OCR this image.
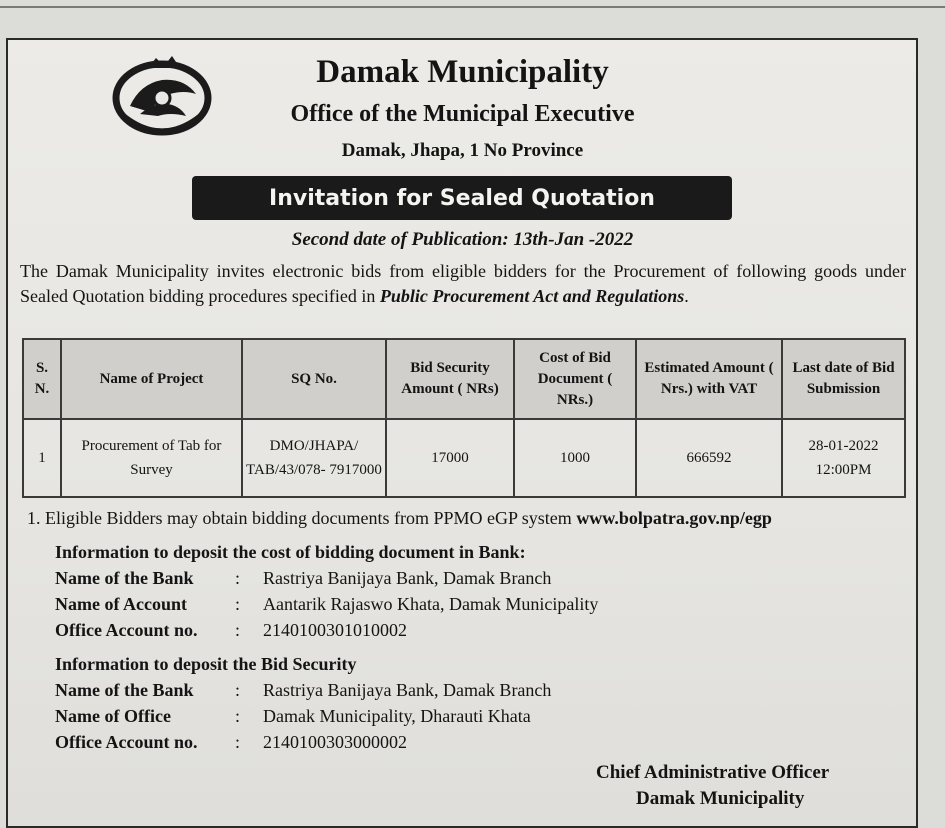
Damak Municipality
Office of the Municipal Executive
Damak, Jhapa, 1 No Province
Invitation for Sealed Quotation
Second date of Publication: 13th-Jan -2022
The Damak Municipality invites electronic bids from eligible bidders for the Procurement of following goods under Sealed Quotation bidding procedures specified in Public Procurement Act and Regulations.
S. N.	Name of Project	SQ No.	Bid Security Amount ( NRs)	Cost of Bid Document ( NRs.)	Estimated Amount ( Nrs.) with VAT	Last date of Bid Submission
1	Procurement of Tab for Survey	DMO/JHAPA/ TAB/43/078- 7917000	17000	1000	666592	28-01-2022 12:00PM
1. Eligible Bidders may obtain bidding documents from PPMO eGP system www.bolpatra.gov.np/egp
Information to deposit the cost of bidding document in Bank:
Name of the Bank : Rastriya Banijaya Bank, Damak Branch
Name of Account	: Aantarik Rajaswo Khata, Damak Municipality
Office Account no. : 2140100301010002
Information to deposit the Bid Security
Name of the Bank : Rastriya Banijaya Bank, Damak Branch
Name of Office	: Damak Municipality, Dharauti Khata
Office Account no. : 2140100303000002
Chief Administrative Officer
Damak Municipality
